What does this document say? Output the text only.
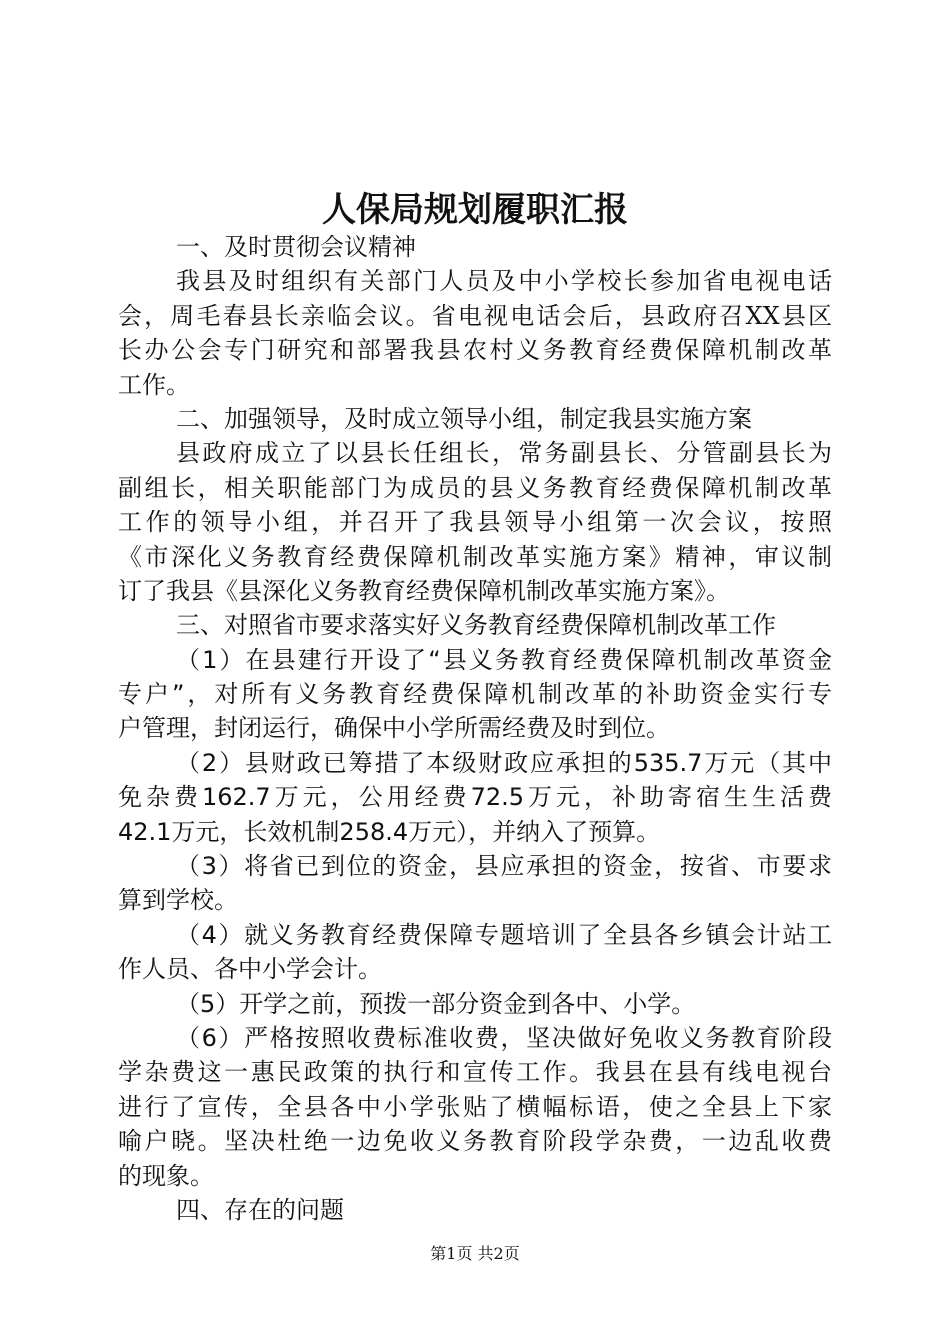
人保局规划履职汇报
一、及时贯彻会议精神
我县及时组织有关部门人员及中小学校长参加省电视电话
会，周毛春县长亲临会议。省电视电话会后，县政府召XX县区
长办公会专门研究和部署我县农村义务教育经费保障机制改革
工作。
二、加强领导，及时成立领导小组，制定我县实施方案
县政府成立了以县长任组长，常务副县长、分管副县长为
副组长，相关职能部门为成员的县义务教育经费保障机制改革
工作的领导小组，并召开了我县领导小组第一次会议，按照
《市深化义务教育经费保障机制改革实施方案》精神，审议制
订了我县《县深化义务教育经费保障机制改革实施方案》。
三、对照省市要求落实好义务教育经费保障机制改革工作
（1）在县建行开设了“县义务教育经费保障机制改革资金
专户”，对所有义务教育经费保障机制改革的补助资金实行专
户管理，封闭运行，确保中小学所需经费及时到位。
（2）县财政已筹措了本级财政应承担的535.7万元（其中
免杂费162.7万元，公用经费72.5万元，补助寄宿生生活费
42.1万元，长效机制258.4万元），并纳入了预算。
（3）将省已到位的资金，县应承担的资金，按省、市要求
算到学校。
（4）就义务教育经费保障专题培训了全县各乡镇会计站工
作人员、各中小学会计。
（5）开学之前，预拨一部分资金到各中、小学。
（6）严格按照收费标准收费，坚决做好免收义务教育阶段
学杂费这一惠民政策的执行和宣传工作。我县在县有线电视台
进行了宣传，全县各中小学张贴了横幅标语，使之全县上下家
喻户晓。坚决杜绝一边免收义务教育阶段学杂费，一边乱收费
的现象。
四、存在的问题
第1页 共2页
